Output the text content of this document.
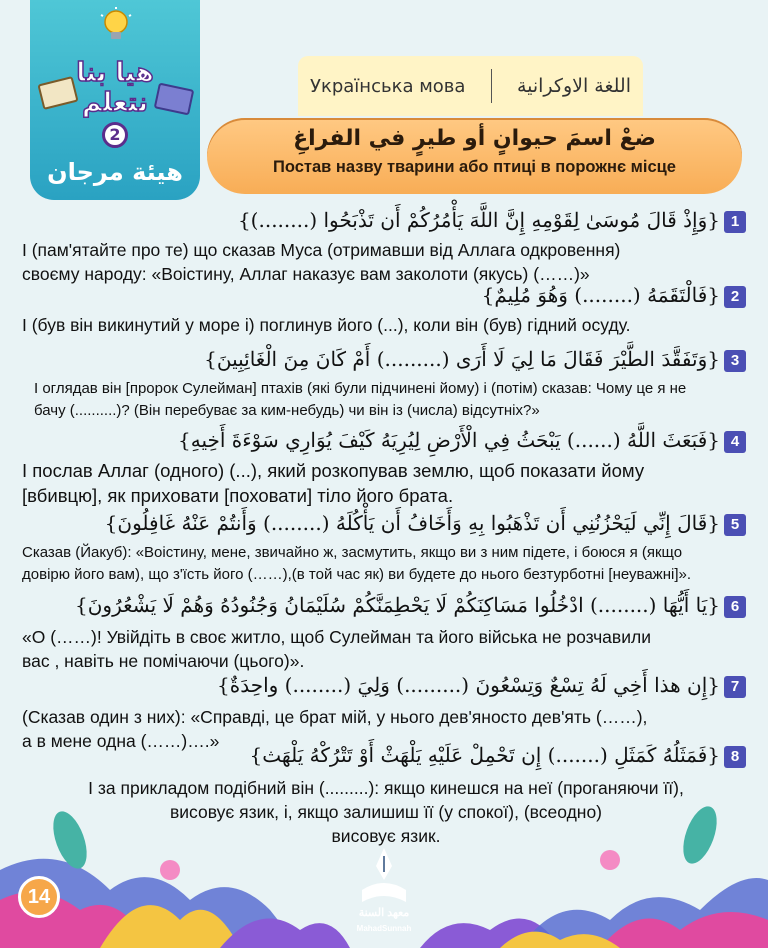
هيا بنا
نتعلم
2
هيئة مرجان
Українська мова	اللغة الاوكرانية
ضعْ اسمَ حيوانٍ أو طيرٍ في الفراغِ
Постав назву тварини або птиці в порожнє місце
1{وَإِذْ قَالَ مُوسَىٰ لِقَوْمِهِ إِنَّ اللَّهَ يَأْمُرُكُمْ أَن تَذْبَحُوا (........)}
І (пам'ятайте про те) що сказав Муса (отримавши від Аллага одкровення)
своєму народу: «Воістину, Аллаг наказує вам заколоти (якусь) (……)»
2{فَالْتَقَمَهُ (........) وَهُوَ مُلِيمٌ}
І (був він викинутий у море і) поглинув його (...), коли він (був) гідний осуду.
3{وَتَفَقَّدَ الطَّيْرَ فَقَالَ مَا لِيَ لَا أَرَى (.........) أَمْ كَانَ مِنَ الْغَائِبِينَ}
І оглядав він [пророк Сулейман] птахів (які були підчинені йому) і (потім) сказав: Чому це я не
бачу (..........)? (Він перебуває за ким-небудь) чи він із (числа) відсутніх?»
4{فَبَعَثَ اللَّهُ (......) يَبْحَثُ فِي الْأَرْضِ لِيُرِيَهُ كَيْفَ يُوَارِي سَوْءَةَ أَخِيهِ}
І послав Аллаг (одного) (...), який розкопував землю, щоб показати йому
[вбивцю], як приховати [поховати] тіло його брата.
5{قَالَ إِنِّي لَيَحْزُنُنِي أَن تَذْهَبُوا بِهِ وَأَخَافُ أَن يَأْكُلَهُ (........) وَأَنتُمْ عَنْهُ غَافِلُونَ}
Сказав (Йакуб): «Воістину, мене, звичайно ж, засмутить, якщо ви з ним підете, і боюся я (якщо
довірю його вам), що з'їсть його (……),(в той час як) ви будете до нього безтурботні [неуважні]».
6{يَا أَيُّهَا (........) ادْخُلُوا مَسَاكِنَكُمْ لَا يَحْطِمَنَّكُمْ سُلَيْمَانُ وَجُنُودُهُ وَهُمْ لَا يَشْعُرُونَ}
«О (……)! Увійдіть в своє житло, щоб Сулейман та його війська не розчавили
вас , навіть не помічаючи (цього)».
7{إِن هذا أَخِي لَهُ تِسْعٌ وَتِسْعُونَ (.........) وَلِيَ (........) واحِدَةٌ}
(Сказав один з них): «Справді, це брат мій, у нього дев'яносто дев'ять (……),
а в мене одна (……)….»
8{فَمَثَلُهُ كَمَثَلِ (.......) إِن تَحْمِلْ عَلَيْهِ يَلْهَثْ أَوْ تَتْرُكْهُ يَلْهَث}
І за прикладом подібний він (.........): якщо кинешся на неї (проганяючи її),
висовує язик, і, якщо залишиш її (у спокої), (всеодно)
висовує язик.
14
معهد السنة
MahadSunnah
